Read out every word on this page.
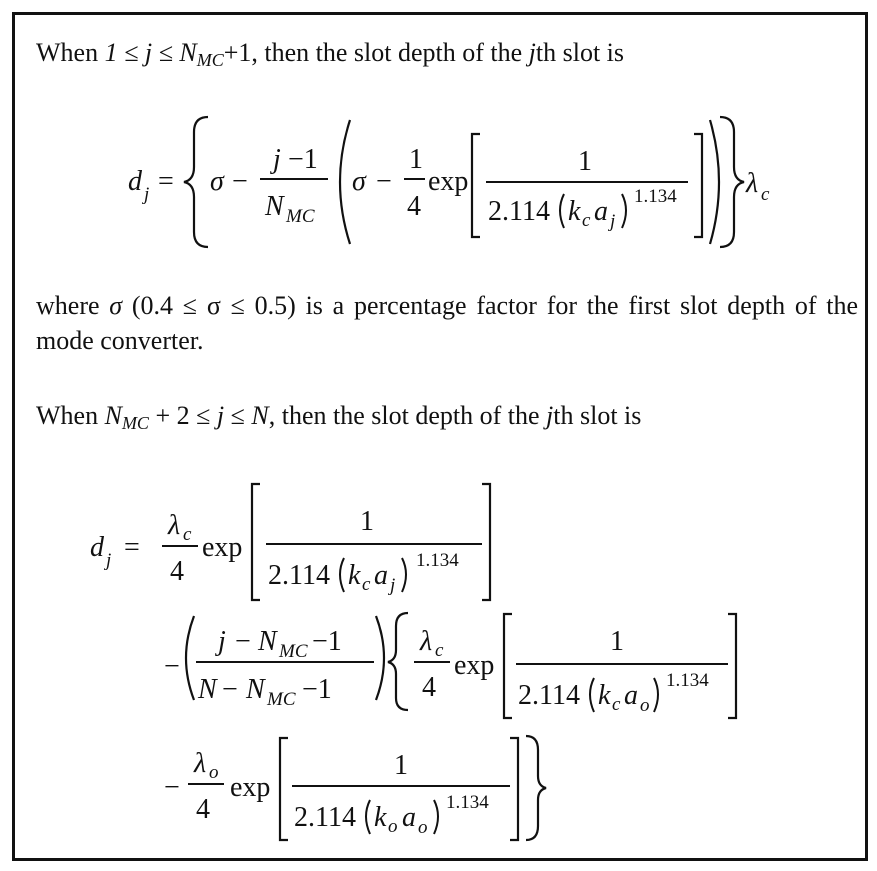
When $1 \le j \le N_{MC}+1$, then the slot depth of the jth slot is
d j = σ −
j −1
N MC
σ −
1
4
exp
1
2.114 k c a j
1.134 λ c
where σ (0.4 ≤ σ ≤ 0.5) is a percentage factor for the first slot depth of the mode converter.
When $N_{MC} + 2 \le j \le N$, then the slot depth of the jth slot is
d j =
λ c
4
exp
1
2.114 k c a j
1.134
−
j − N MC −1
N − N MC −1
λ c
4
exp
1
2.114 k c a o
1.134
−
λ o
4
exp
1
2.114 k o a o
1.134
